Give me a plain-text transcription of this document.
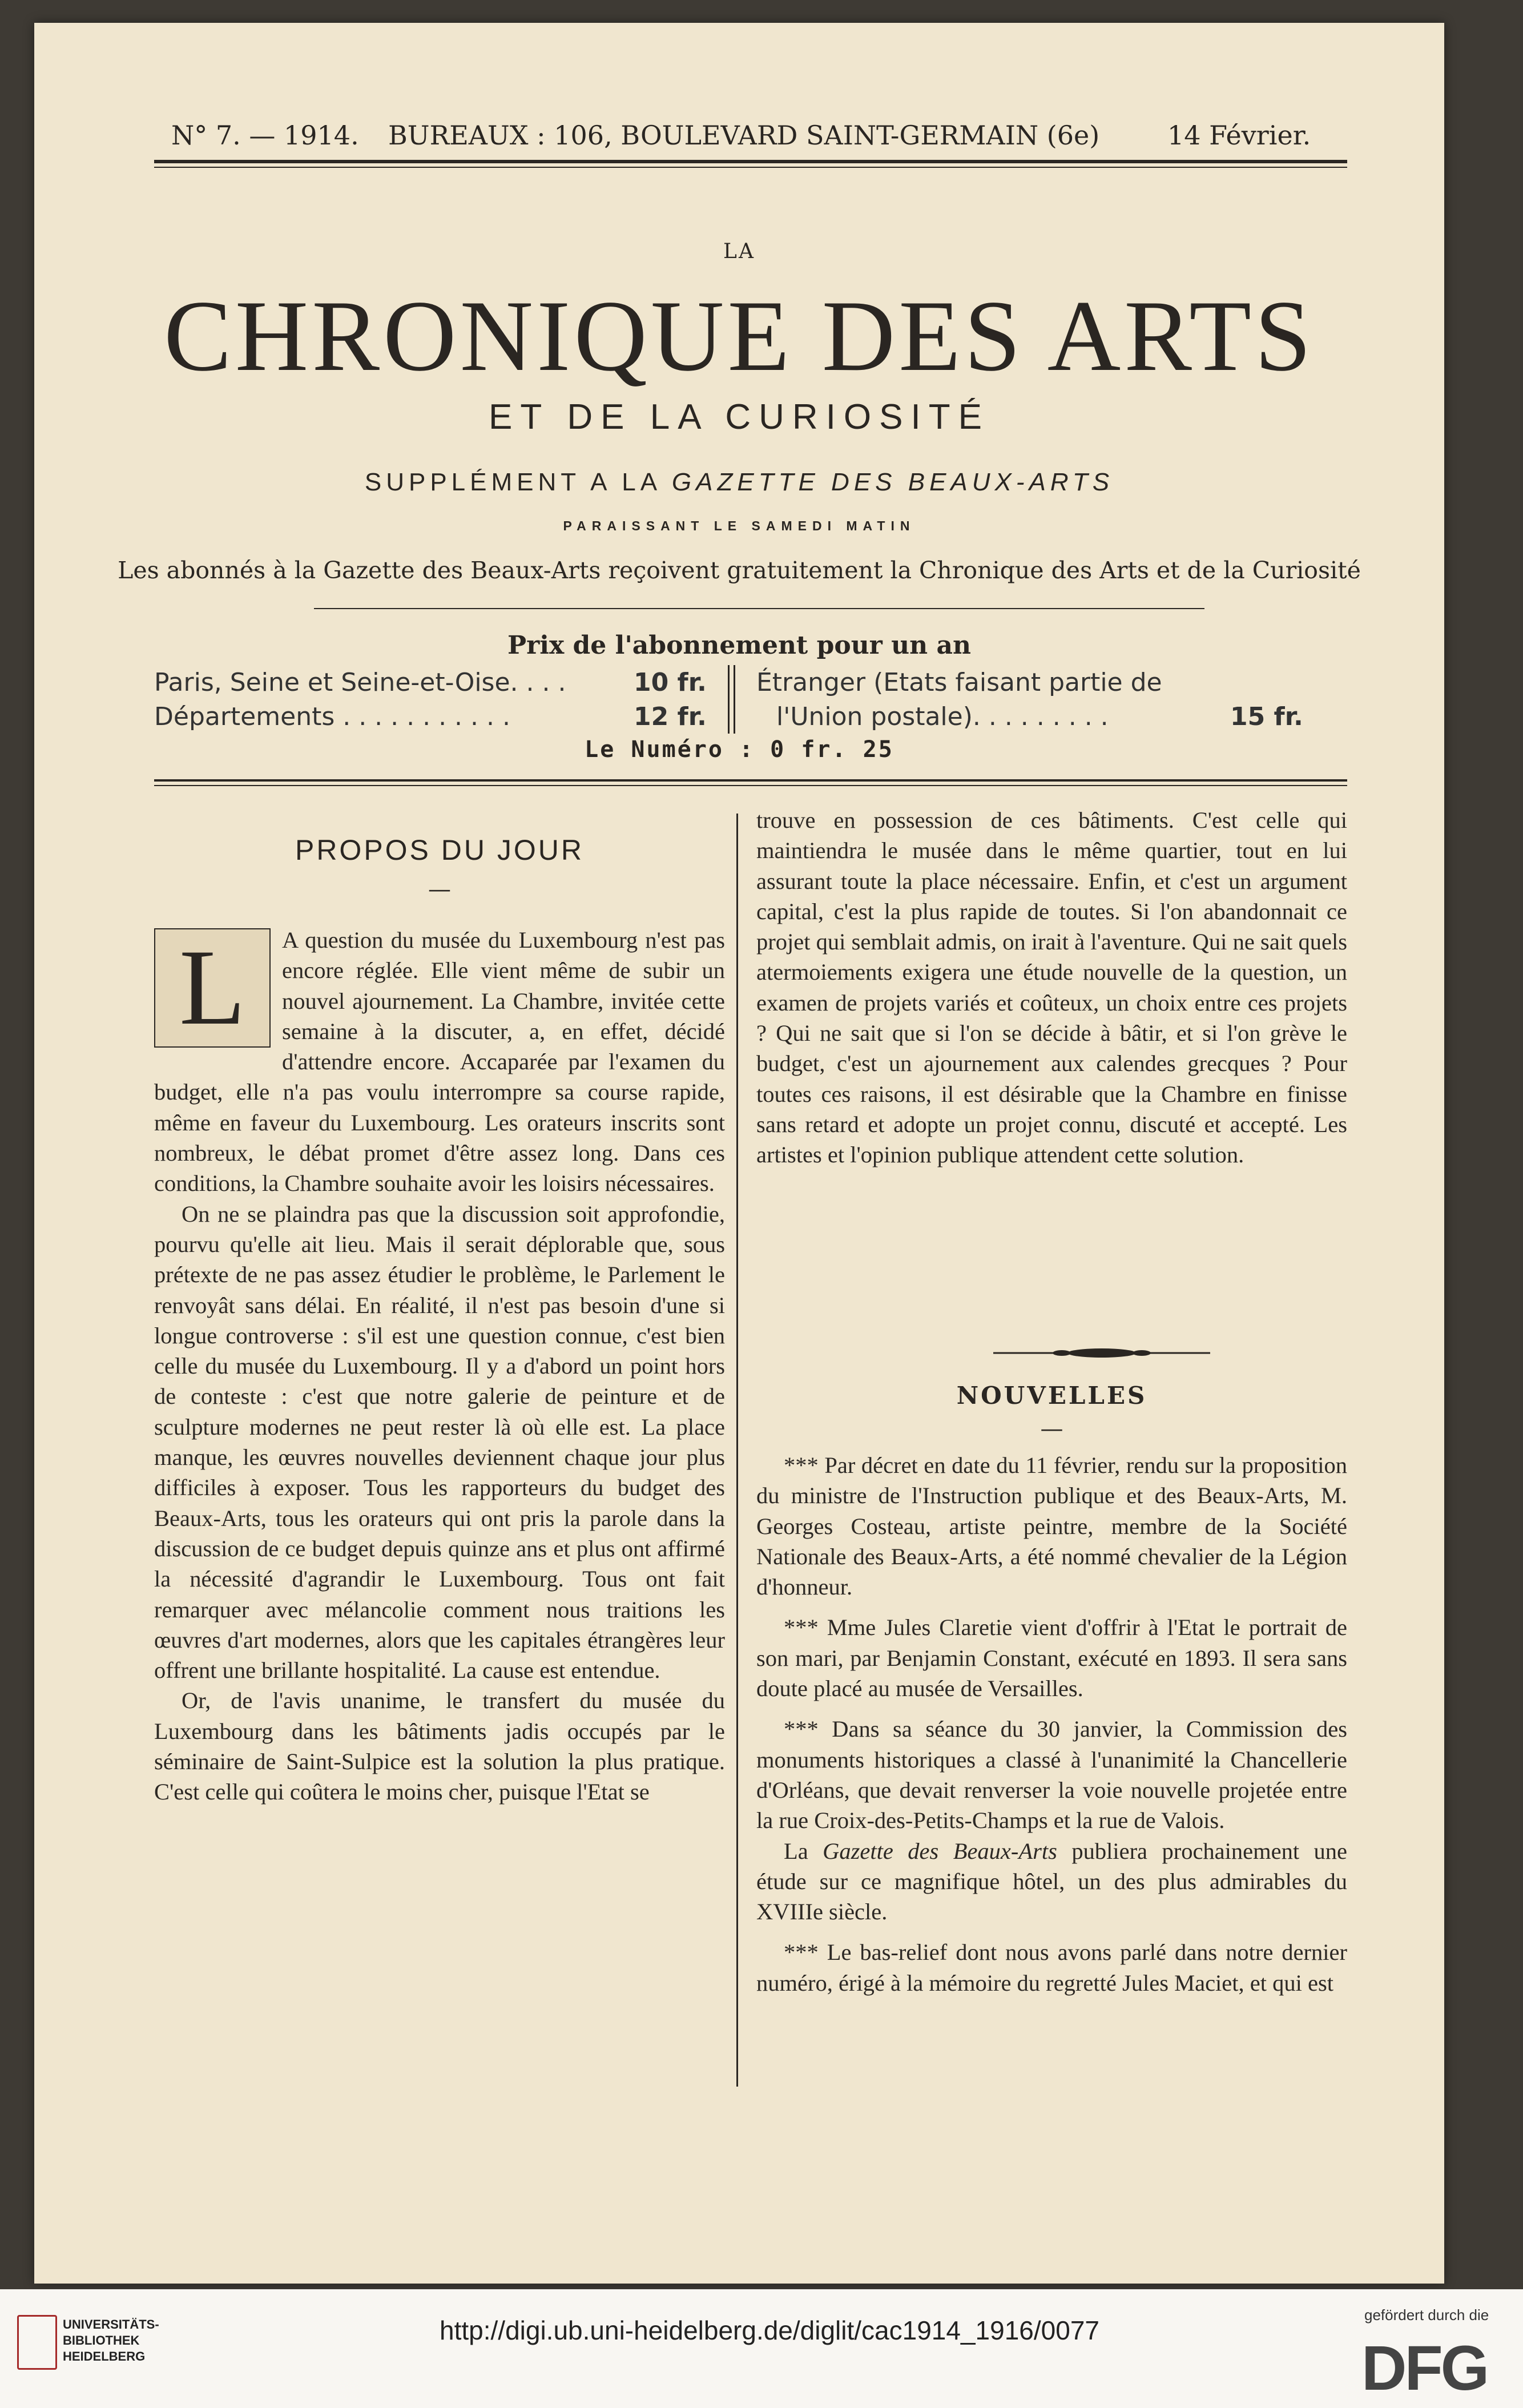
N° 7. — 1914. BUREAUX : 106, BOULEVARD SAINT-GERMAIN (6e)	14 Février.
LA
CHRONIQUE DES ARTS
ET DE LA CURIOSITÉ
SUPPLÉMENT A LA GAZETTE DES BEAUX-ARTS
PARAISSANT LE SAMEDI MATIN
Les abonnés à la Gazette des Beaux-Arts reçoivent gratuitement la Chronique des Arts et de la Curiosité
Prix de l'abonnement pour un an
Paris, Seine et Seine-et-Oise. . . .	10 fr.
Départements . . . . . . . . . . .	12 fr.
Étranger (Etats faisant partie de
l'Union postale). . . . . . . . .	15 fr.
Le Numéro : 0 fr. 25
PROPOS DU JOUR
—
L	A question du musée du Luxembourg n'est pas encore réglée. Elle vient même de subir un nouvel ajournement. La Chambre, invitée cette semaine à la discuter, a, en effet, décidé d'attendre encore. Accaparée par l'examen du budget, elle n'a pas voulu interrompre sa course rapide, même en faveur du Luxembourg. Les orateurs inscrits sont nombreux, le débat promet d'être assez long. Dans ces conditions, la Chambre souhaite avoir les loisirs nécessaires.

On ne se plaindra pas que la discussion soit approfondie, pourvu qu'elle ait lieu. Mais il serait déplorable que, sous prétexte de ne pas assez étudier le problème, le Parlement le renvoyât sans délai. En réalité, il n'est pas besoin d'une si longue controverse : s'il est une question connue, c'est bien celle du musée du Luxembourg. Il y a d'abord un point hors de conteste : c'est que notre galerie de peinture et de sculpture modernes ne peut rester là où elle est. La place manque, les œuvres nouvelles deviennent chaque jour plus difficiles à exposer. Tous les rapporteurs du budget des Beaux-Arts, tous les orateurs qui ont pris la parole dans la discussion de ce budget depuis quinze ans et plus ont affirmé la nécessité d'agrandir le Luxembourg. Tous ont fait remarquer avec mélancolie comment nous traitions les œuvres d'art modernes, alors que les capitales étrangères leur offrent une brillante hospitalité. La cause est entendue.

Or, de l'avis unanime, le transfert du musée du Luxembourg dans les bâtiments jadis occupés par le séminaire de Saint-Sulpice est la solution la plus pratique. C'est celle qui coûtera le moins cher, puisque l'Etat se

trouve en possession de ces bâtiments. C'est celle qui maintiendra le musée dans le même quartier, tout en lui assurant toute la place nécessaire. Enfin, et c'est un argument capital, c'est la plus rapide de toutes. Si l'on abandonnait ce projet qui semblait admis, on irait à l'aventure. Qui ne sait quels atermoiements exigera une étude nouvelle de la question, un examen de projets variés et coûteux, un choix entre ces projets ? Qui ne sait que si l'on se décide à bâtir, et si l'on grève le budget, c'est un ajournement aux calendes grecques ? Pour toutes ces raisons, il est désirable que la Chambre en finisse sans retard et adopte un projet connu, discuté et accepté. Les artistes et l'opinion publique attendent cette solution.

NOUVELLES
—

*** Par décret en date du 11 février, rendu sur la proposition du ministre de l'Instruction publique et des Beaux-Arts, M. Georges Costeau, artiste peintre, membre de la Société Nationale des Beaux-Arts, a été nommé chevalier de la Légion d'honneur.

*** Mme Jules Claretie vient d'offrir à l'Etat le portrait de son mari, par Benjamin Constant, exécuté en 1893. Il sera sans doute placé au musée de Versailles.

*** Dans sa séance du 30 janvier, la Commission des monuments historiques a classé à l'unanimité la Chancellerie d'Orléans, que devait renverser la voie nouvelle projetée entre la rue Croix-des-Petits-Champs et la rue de Valois.

La Gazette des Beaux-Arts publiera prochainement une étude sur ce magnifique hôtel, un des plus admirables du XVIIIe siècle.

*** Le bas-relief dont nous avons parlé dans notre dernier numéro, érigé à la mémoire du regretté Jules Maciet, et qui est

UNIVERSITÄTS-
BIBLIOTHEK
HEIDELBERG
http://digi.ub.uni-heidelberg.de/diglit/cac1914_1916/0077
gefördert durch die
DFG
